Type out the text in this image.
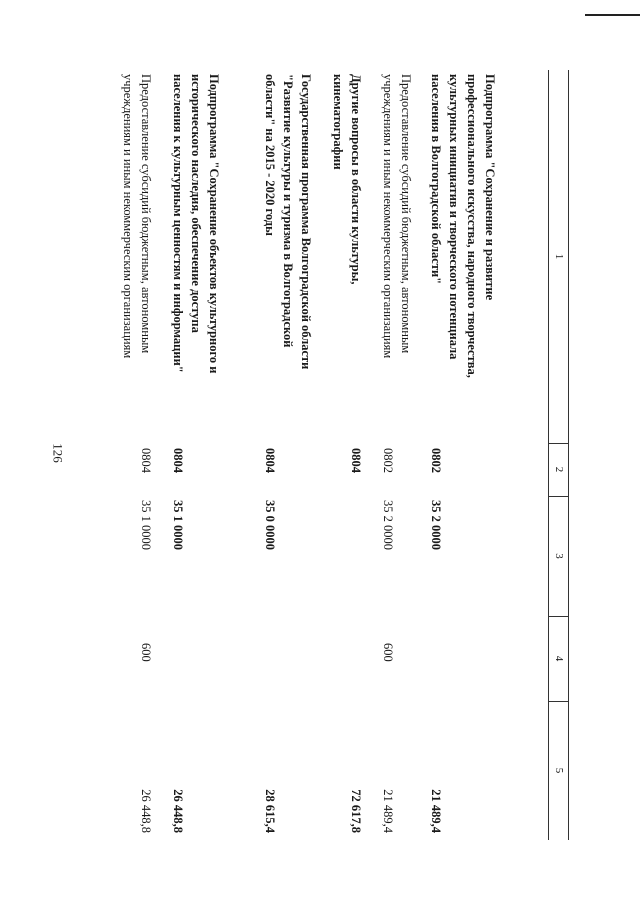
126
1
2
3
4
5
Подпрограмма "Сохранение и развитие
профессионального искусства, народного творчества,
культурных инициатив и творческого потенциала
населения в Волгоградской области"
0802
35 2 0000
21 489,4
Предоставление субсидий бюджетным, автономным
учреждениям и иным некоммерческим организациям
0802
35 2 0000
600
21 489,4
Другие вопросы в области культуры,
кинематографии
0804
72 617,8
Государственная программа Волгоградской области
"Развитие культуры и туризма в Волгоградской
области" на 2015 - 2020 годы
0804
35 0 0000
28 615,4
Подпрограмма "Сохранение объектов культурного и
исторического наследия, обеспечение доступа
населения к культурным ценностям и информации"
0804
35 1 0000
26 448,8
Предоставление субсидий бюджетным, автономным
учреждениям и иным некоммерческим организациям
0804
35 1 0000
600
26 448,8
